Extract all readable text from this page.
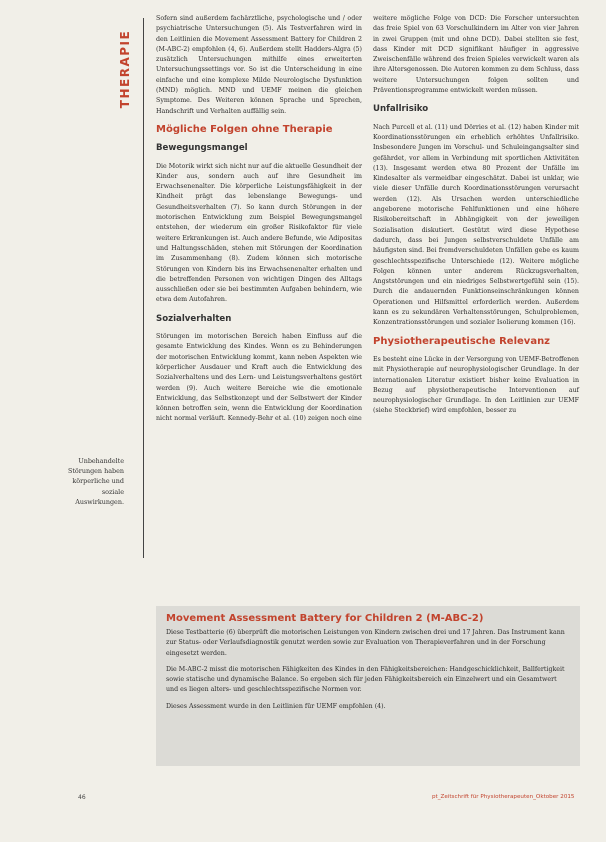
THERAPIE
Unbehandelte Störungen haben körperliche und soziale Auswirkungen.

Sofern sind außerdem fachärztliche, psychologische und / oder psychiatrische Untersuchungen (5). Als Testverfahren wird in den Leitlinien die Movement Assessment Battery for Children 2 (M-ABC-2) empfohlen (4, 6). Außerdem stellt Hadders-Algra (5) zusätzlich Untersuchungen mithilfe eines erweiterten Untersuchungssettings vor. So ist die Unterscheidung in eine einfache und eine komplexe Milde Neurologische Dysfunktion (MND) möglich. MND und UEMF meinen die gleichen Symptome. Des Weiteren können Sprache und Sprechen, Handschrift und Verhalten auffällig sein.

Mögliche Folgen ohne Therapie
Bewegungsmangel

Die Motorik wirkt sich nicht nur auf die aktuelle Gesundheit der Kinder aus, sondern auch auf ihre Gesundheit im Erwachsenenalter. Die körperliche Leistungsfähigkeit in der Kindheit prägt das lebenslange Bewegungs- und Gesundheitsverhalten (7). So kann durch Störungen in der motorischen Entwicklung zum Beispiel Bewegungsmangel entstehen, der wiederum ein großer Risikofaktor für viele weitere Erkrankungen ist. Auch andere Befunde, wie Adipositas und Haltungsschäden, stehen mit Störungen der Koordination im Zusammenhang (8). Zudem können sich motorische Störungen von Kindern bis ins Erwachsenenalter erhalten und die betreffenden Personen von wichtigen Dingen des Alltags ausschließen oder sie bei bestimmten Aufgaben behindern, wie etwa dem Autofahren.

Sozialverhalten

Störungen im motorischen Bereich haben Einfluss auf die gesamte Entwicklung des Kindes. Wenn es zu Behinderungen der motorischen Entwicklung kommt, kann neben Aspekten wie körperlicher Ausdauer und Kraft auch die Entwicklung des Sozialverhaltens und des Lern- und Leistungsverhaltens gestört werden (9). Auch weitere Bereiche wie die emotionale Entwicklung, das Selbstkonzept und der Selbstwert der Kinder können betroffen sein, wenn die Entwicklung der Koordination nicht normal verläuft. Kennedy-Behr et al. (10) zeigen noch eine

weitere mögliche Folge von DCD: Die Forscher untersuchten das freie Spiel von 63 Vorschulkindern im Alter von vier Jahren in zwei Gruppen (mit und ohne DCD). Dabei stellten sie fest, dass Kinder mit DCD signifikant häufiger in aggressive Zweischenfälle während des freien Spieles verwickelt waren als ihre Altersgenossen. Die Autoren kommen zu dem Schluss, dass weitere Untersuchungen folgen sollten und Präventionsprogramme entwickelt werden müssen.

Unfallrisiko

Nach Purcell et al. (11) und Dörries et al. (12) haben Kinder mit Koordinationsstörungen ein erheblich erhöhtes Unfallrisiko. Insbesondere Jungen im Vorschul- und Schuleingangsalter sind gefährdet, vor allem in Verbindung mit sportlichen Aktivitäten (13). Insgesamt werden etwa 80 Prozent der Unfälle im Kindesalter als vermeidbar eingeschätzt. Dabei ist unklar, wie viele dieser Unfälle durch Koordinationsstörungen verursacht werden (12). Als Ursachen werden unterschiedliche angeborene motorische Fehlfunktionen und eine höhere Risikobereitschaft in Abhängigkeit von der jeweiligen Sozialisation diskutiert. Gestützt wird diese Hypothese dadurch, dass bei Jungen selbstverschuldete Unfälle am häufigsten sind. Bei fremdverschuldeten Unfällen gebe es kaum geschlechtsspezifische Unterschiede (12). Weitere mögliche Folgen können unter anderem Rückzugsverhalten, Angststörungen und ein niedriges Selbstwertgefühl sein (15). Durch die andauernden Funktionseinschränkungen können Operationen und Hilfsmittel erforderlich werden. Außerdem kann es zu sekundären Verhaltensstörungen, Schulproblemen, Konzentrationsstörungen und sozialer Isolierung kommen (16).

Physiotherapeutische Relevanz

Es besteht eine Lücke in der Versorgung von UEMF-Betroffenen mit Physiotherapie auf neurophysiologischer Grundlage. In der internationalen Literatur existiert bisher keine Evaluation in Bezug auf physiotherapeutische Interventionen auf neurophysiologischer Grundlage. In den Leitlinien zur UEMF (siehe Steckbrief) wird empfohlen, besser zu

Movement Assessment Battery for Children 2 (M-ABC-2)

Diese Testbatterie (6) überprüft die motorischen Leistungen von Kindern zwischen drei und 17 Jahren. Das Instrument kann zur Status- oder Verlaufsdiagnostik genutzt werden sowie zur Evaluation von Therapieverfahren und in der Forschung eingesetzt werden.

Die M-ABC-2 misst die motorischen Fähigkeiten des Kindes in den Fähigkeitsbereichen: Handgeschicklichkeit, Ballfertigkeit sowie statische und dynamische Balance. So ergeben sich für jeden Fähigkeitsbereich ein Einzelwert und ein Gesamtwert und es liegen alters- und geschlechtsspezifische Normen vor.

Dieses Assessment wurde in den Leitlinien für UEMF empfohlen (4).

46	pt_Zeitschrift für Physiotherapeuten_Oktober 2015
